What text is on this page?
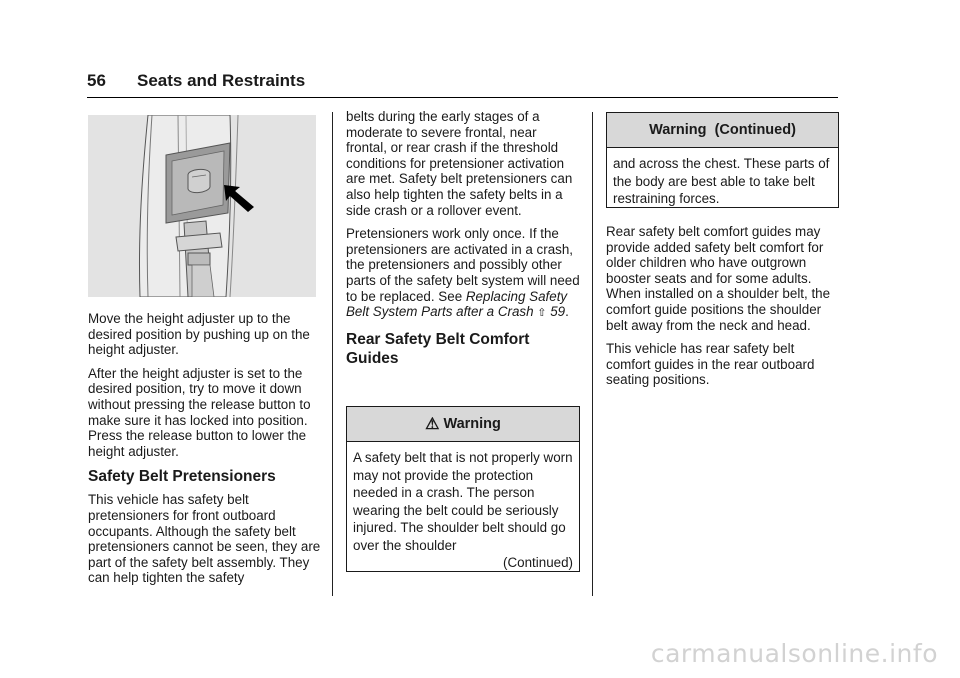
56 Seats and Restraints

Move the height adjuster up to the desired position by pushing up on the height adjuster.

After the height adjuster is set to the desired position, try to move it down without pressing the release button to make sure it has locked into position. Press the release button to lower the height adjuster.

Safety Belt Pretensioners

This vehicle has safety belt pretensioners for front outboard occupants. Although the safety belt pretensioners cannot be seen, they are part of the safety belt assembly. They can help tighten the safety

belts during the early stages of a moderate to severe frontal, near frontal, or rear crash if the threshold conditions for pretensioner activation are met. Safety belt pretensioners can also help tighten the safety belts in a side crash or a rollover event.

Pretensioners work only once. If the pretensioners are activated in a crash, the pretensioners and possibly other parts of the safety belt system will need to be replaced. See Replacing Safety Belt System Parts after a Crash ⇧ 59.

Rear Safety Belt Comfort Guides
⚠ Warning
A safety belt that is not properly worn may not provide the protection needed in a crash. The person wearing the belt could be seriously injured. The shoulder belt should go over the shoulder
(Continued)
Warning  (Continued)
and across the chest. These parts of the body are best able to take belt restraining forces.

Rear safety belt comfort guides may provide added safety belt comfort for older children who have outgrown booster seats and for some adults. When installed on a shoulder belt, the comfort guide positions the shoulder belt away from the neck and head.

This vehicle has rear safety belt comfort guides in the rear outboard seating positions.

carmanualsonline.info
